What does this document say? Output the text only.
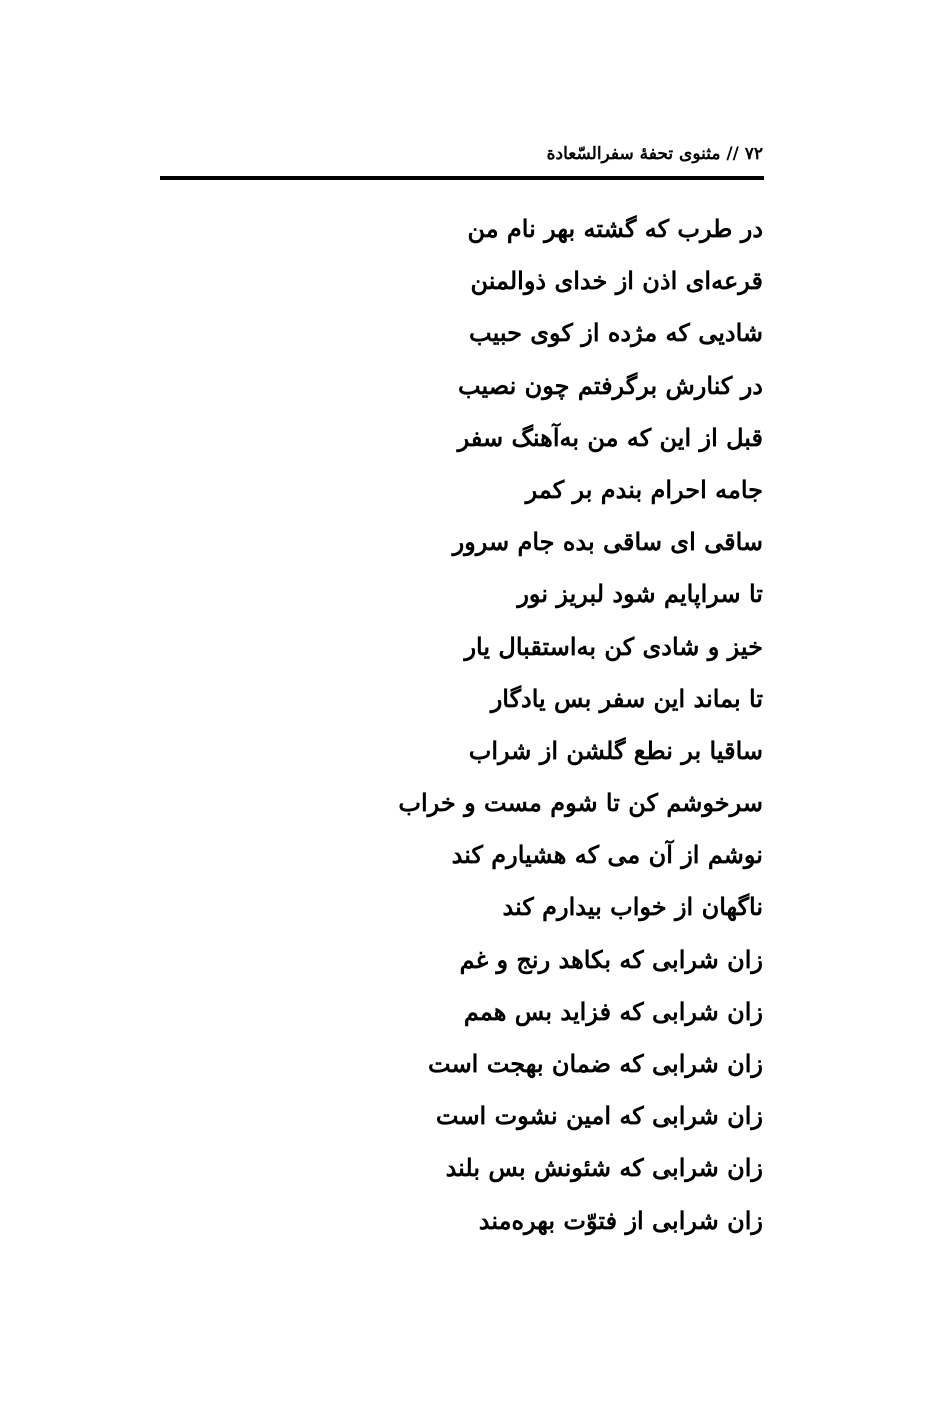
۷۲ // مثنوی تحفهٔ سفرالسّعادة
در طرب که گشته بهر نام من
قرعه‌ای اذن از خدای ذوالمنن
شادیی که مژده از کوی حبیب
در کنارش برگرفتم چون نصیب
قبل از این که من به‌آهنگ سفر
جامه احرام بندم بر کمر
ساقی ای ساقی بده جام سرور
تا سراپایم شود لبریز نور
خیز و شادی کن به‌استقبال یار
تا بماند این سفر بس یادگار
ساقیا بر نطع گلشن از شراب
سرخوشم کن تا شوم مست و خراب
نوشم از آن می که هشیارم کند
ناگهان از خواب بیدارم کند
زان شرابی که بکاهد رنج و غم
زان شرابی که فزاید بس همم
زان شرابی که ضمان بهجت است
زان شرابی که امین نشوت است
زان شرابی که شئونش بس بلند
زان شرابی از فتوّت بهره‌مند
